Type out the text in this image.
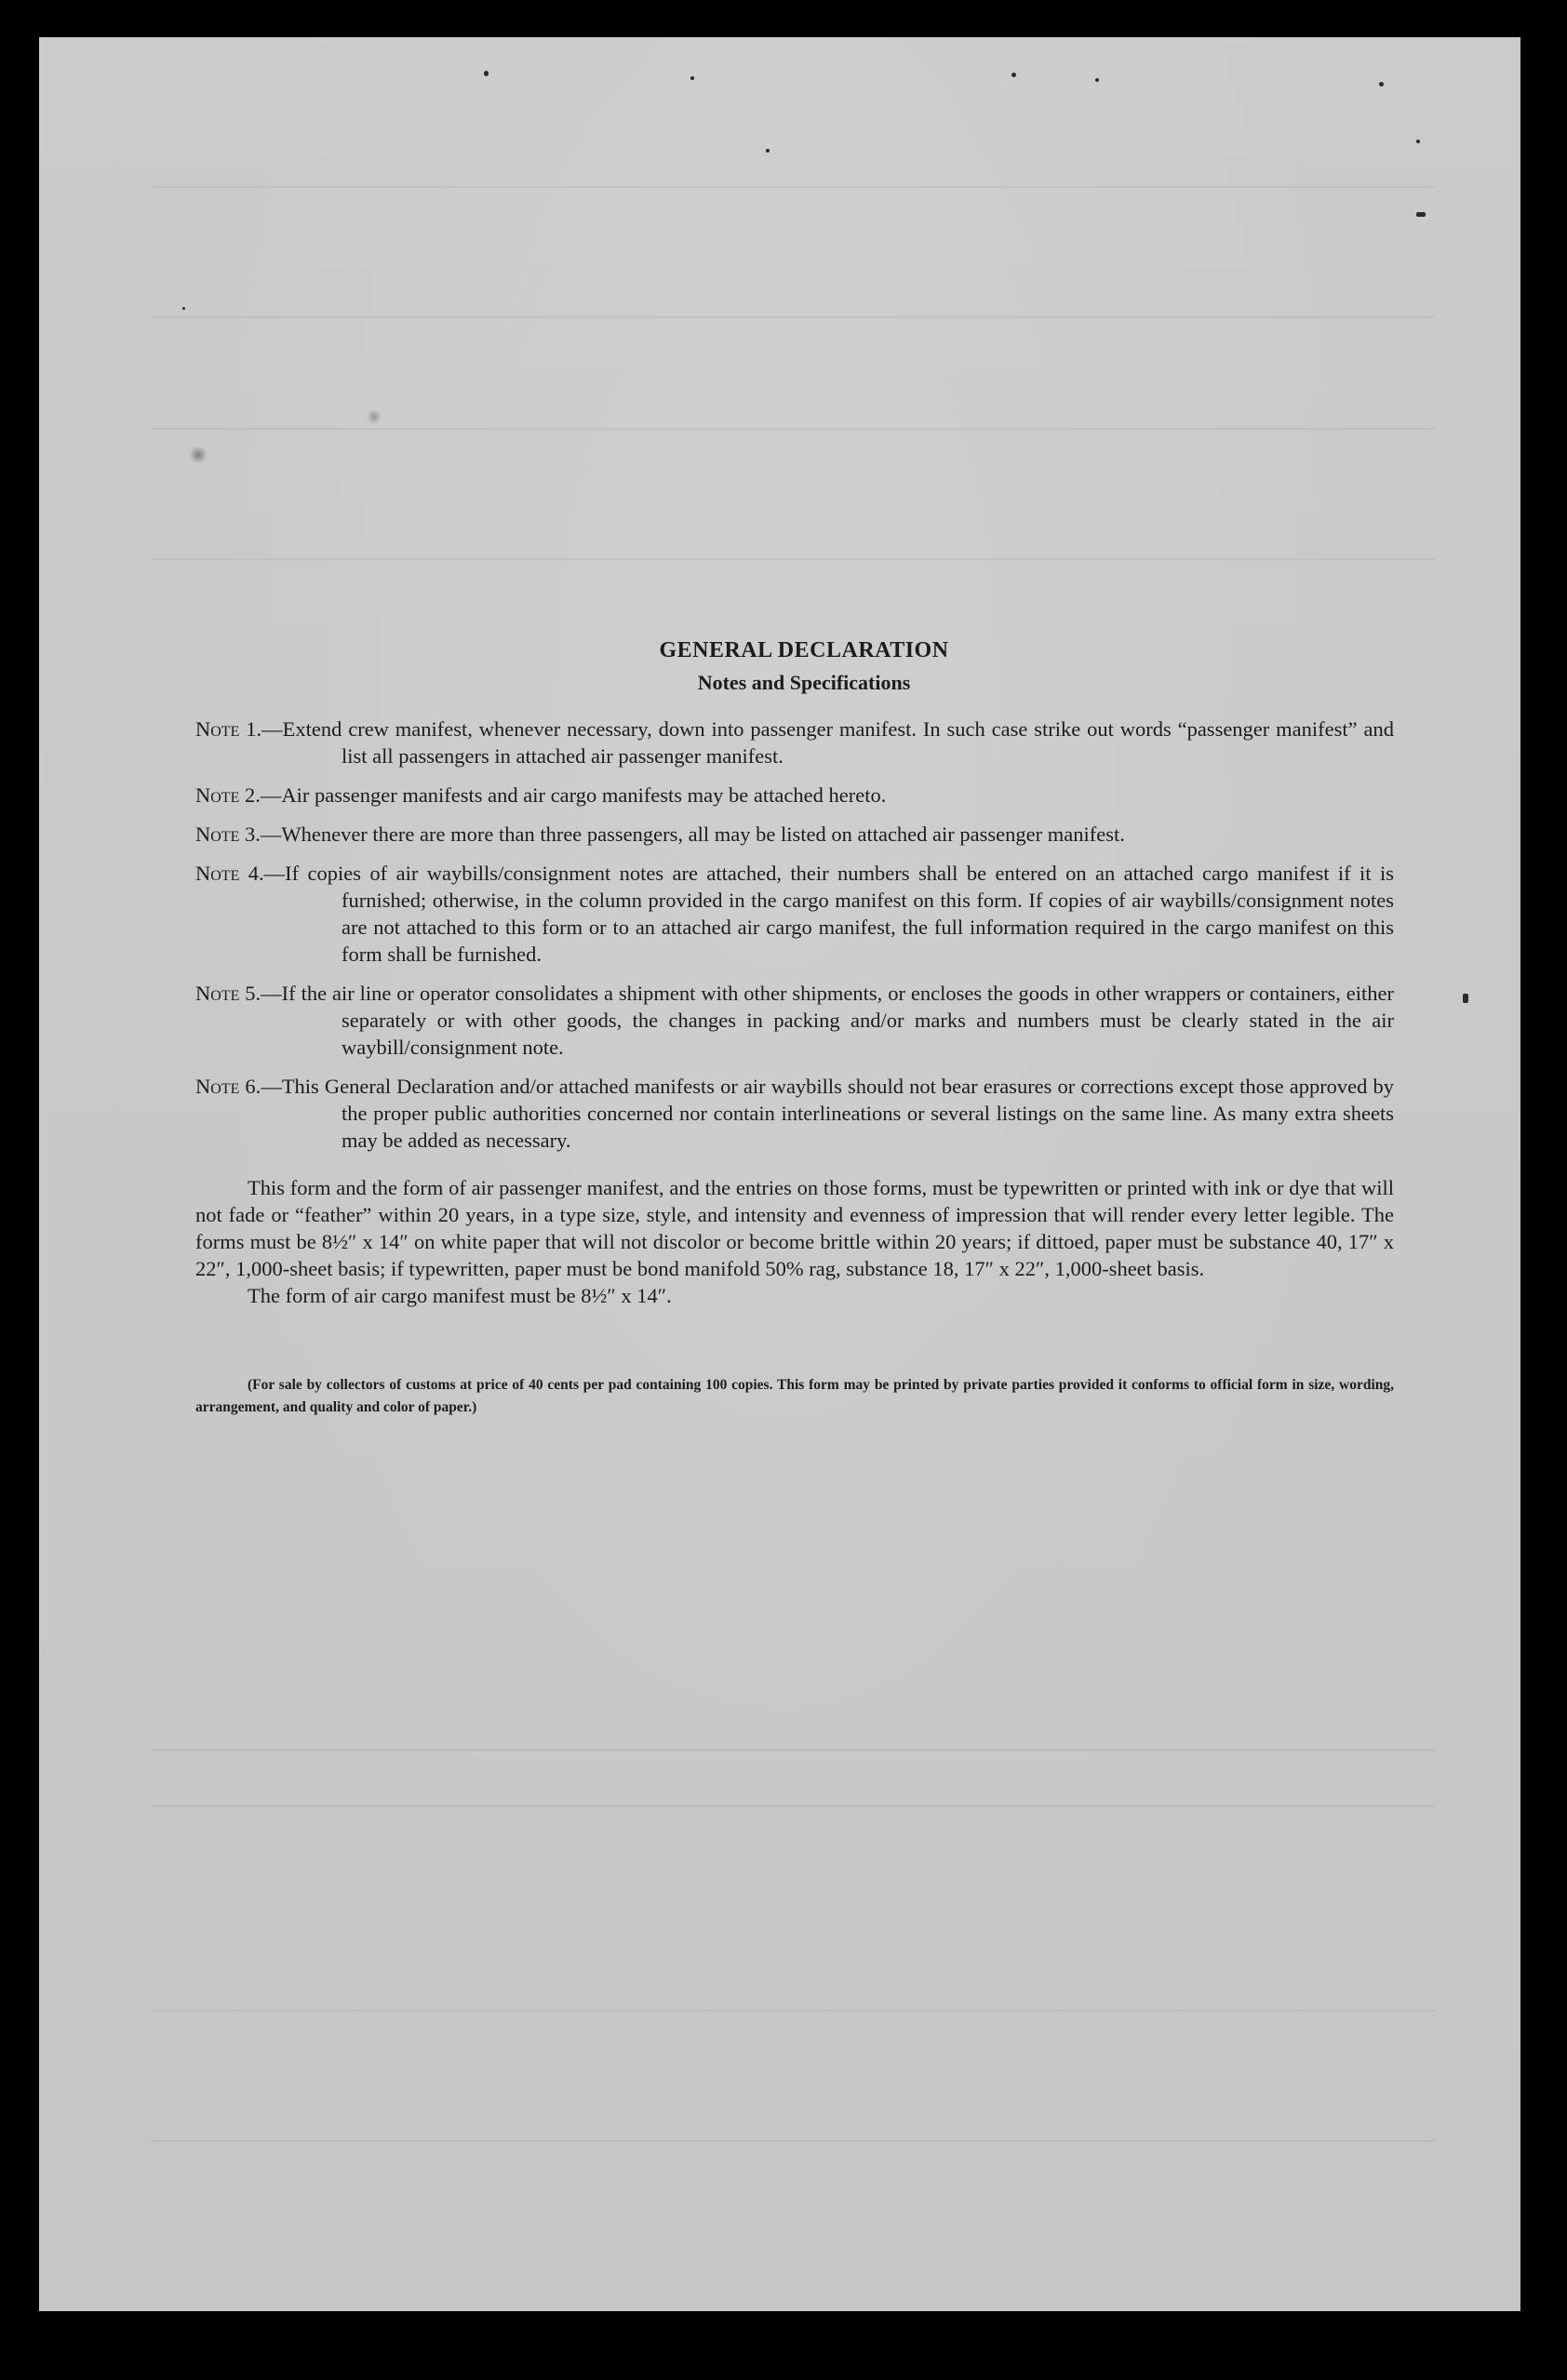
GENERAL DECLARATION
Notes and Specifications
Note 1.—Extend crew manifest, whenever necessary, down into passenger manifest. In such case strike out words “passenger manifest” and list all passengers in attached air passenger manifest.
Note 2.—Air passenger manifests and air cargo manifests may be attached hereto.
Note 3.—Whenever there are more than three passengers, all may be listed on attached air passenger manifest.
Note 4.—If copies of air waybills/consignment notes are attached, their numbers shall be entered on an attached cargo manifest if it is furnished; otherwise, in the column provided in the cargo manifest on this form. If copies of air waybills/consignment notes are not attached to this form or to an attached air cargo manifest, the full information required in the cargo manifest on this form shall be furnished.
Note 5.—If the air line or operator consolidates a shipment with other shipments, or encloses the goods in other wrappers or containers, either separately or with other goods, the changes in packing and/or marks and numbers must be clearly stated in the air waybill/consignment note.
Note 6.—This General Declaration and/or attached manifests or air waybills should not bear erasures or corrections except those approved by the proper public authorities concerned nor contain interlineations or several listings on the same line. As many extra sheets may be added as necessary.
This form and the form of air passenger manifest, and the entries on those forms, must be typewritten or printed with ink or dye that will not fade or “feather” within 20 years, in a type size, style, and intensity and evenness of impression that will render every letter legible. The forms must be 8½″ x 14″ on white paper that will not discolor or become brittle within 20 years; if dittoed, paper must be substance 40, 17″ x 22″, 1,000-sheet basis; if typewritten, paper must be bond manifold 50% rag, substance 18, 17″ x 22″, 1,000-sheet basis.
The form of air cargo manifest must be 8½″ x 14″.
(For sale by collectors of customs at price of 40 cents per pad containing 100 copies. This form may be printed by private parties provided it conforms to official form in size, wording, arrangement, and quality and color of paper.)
